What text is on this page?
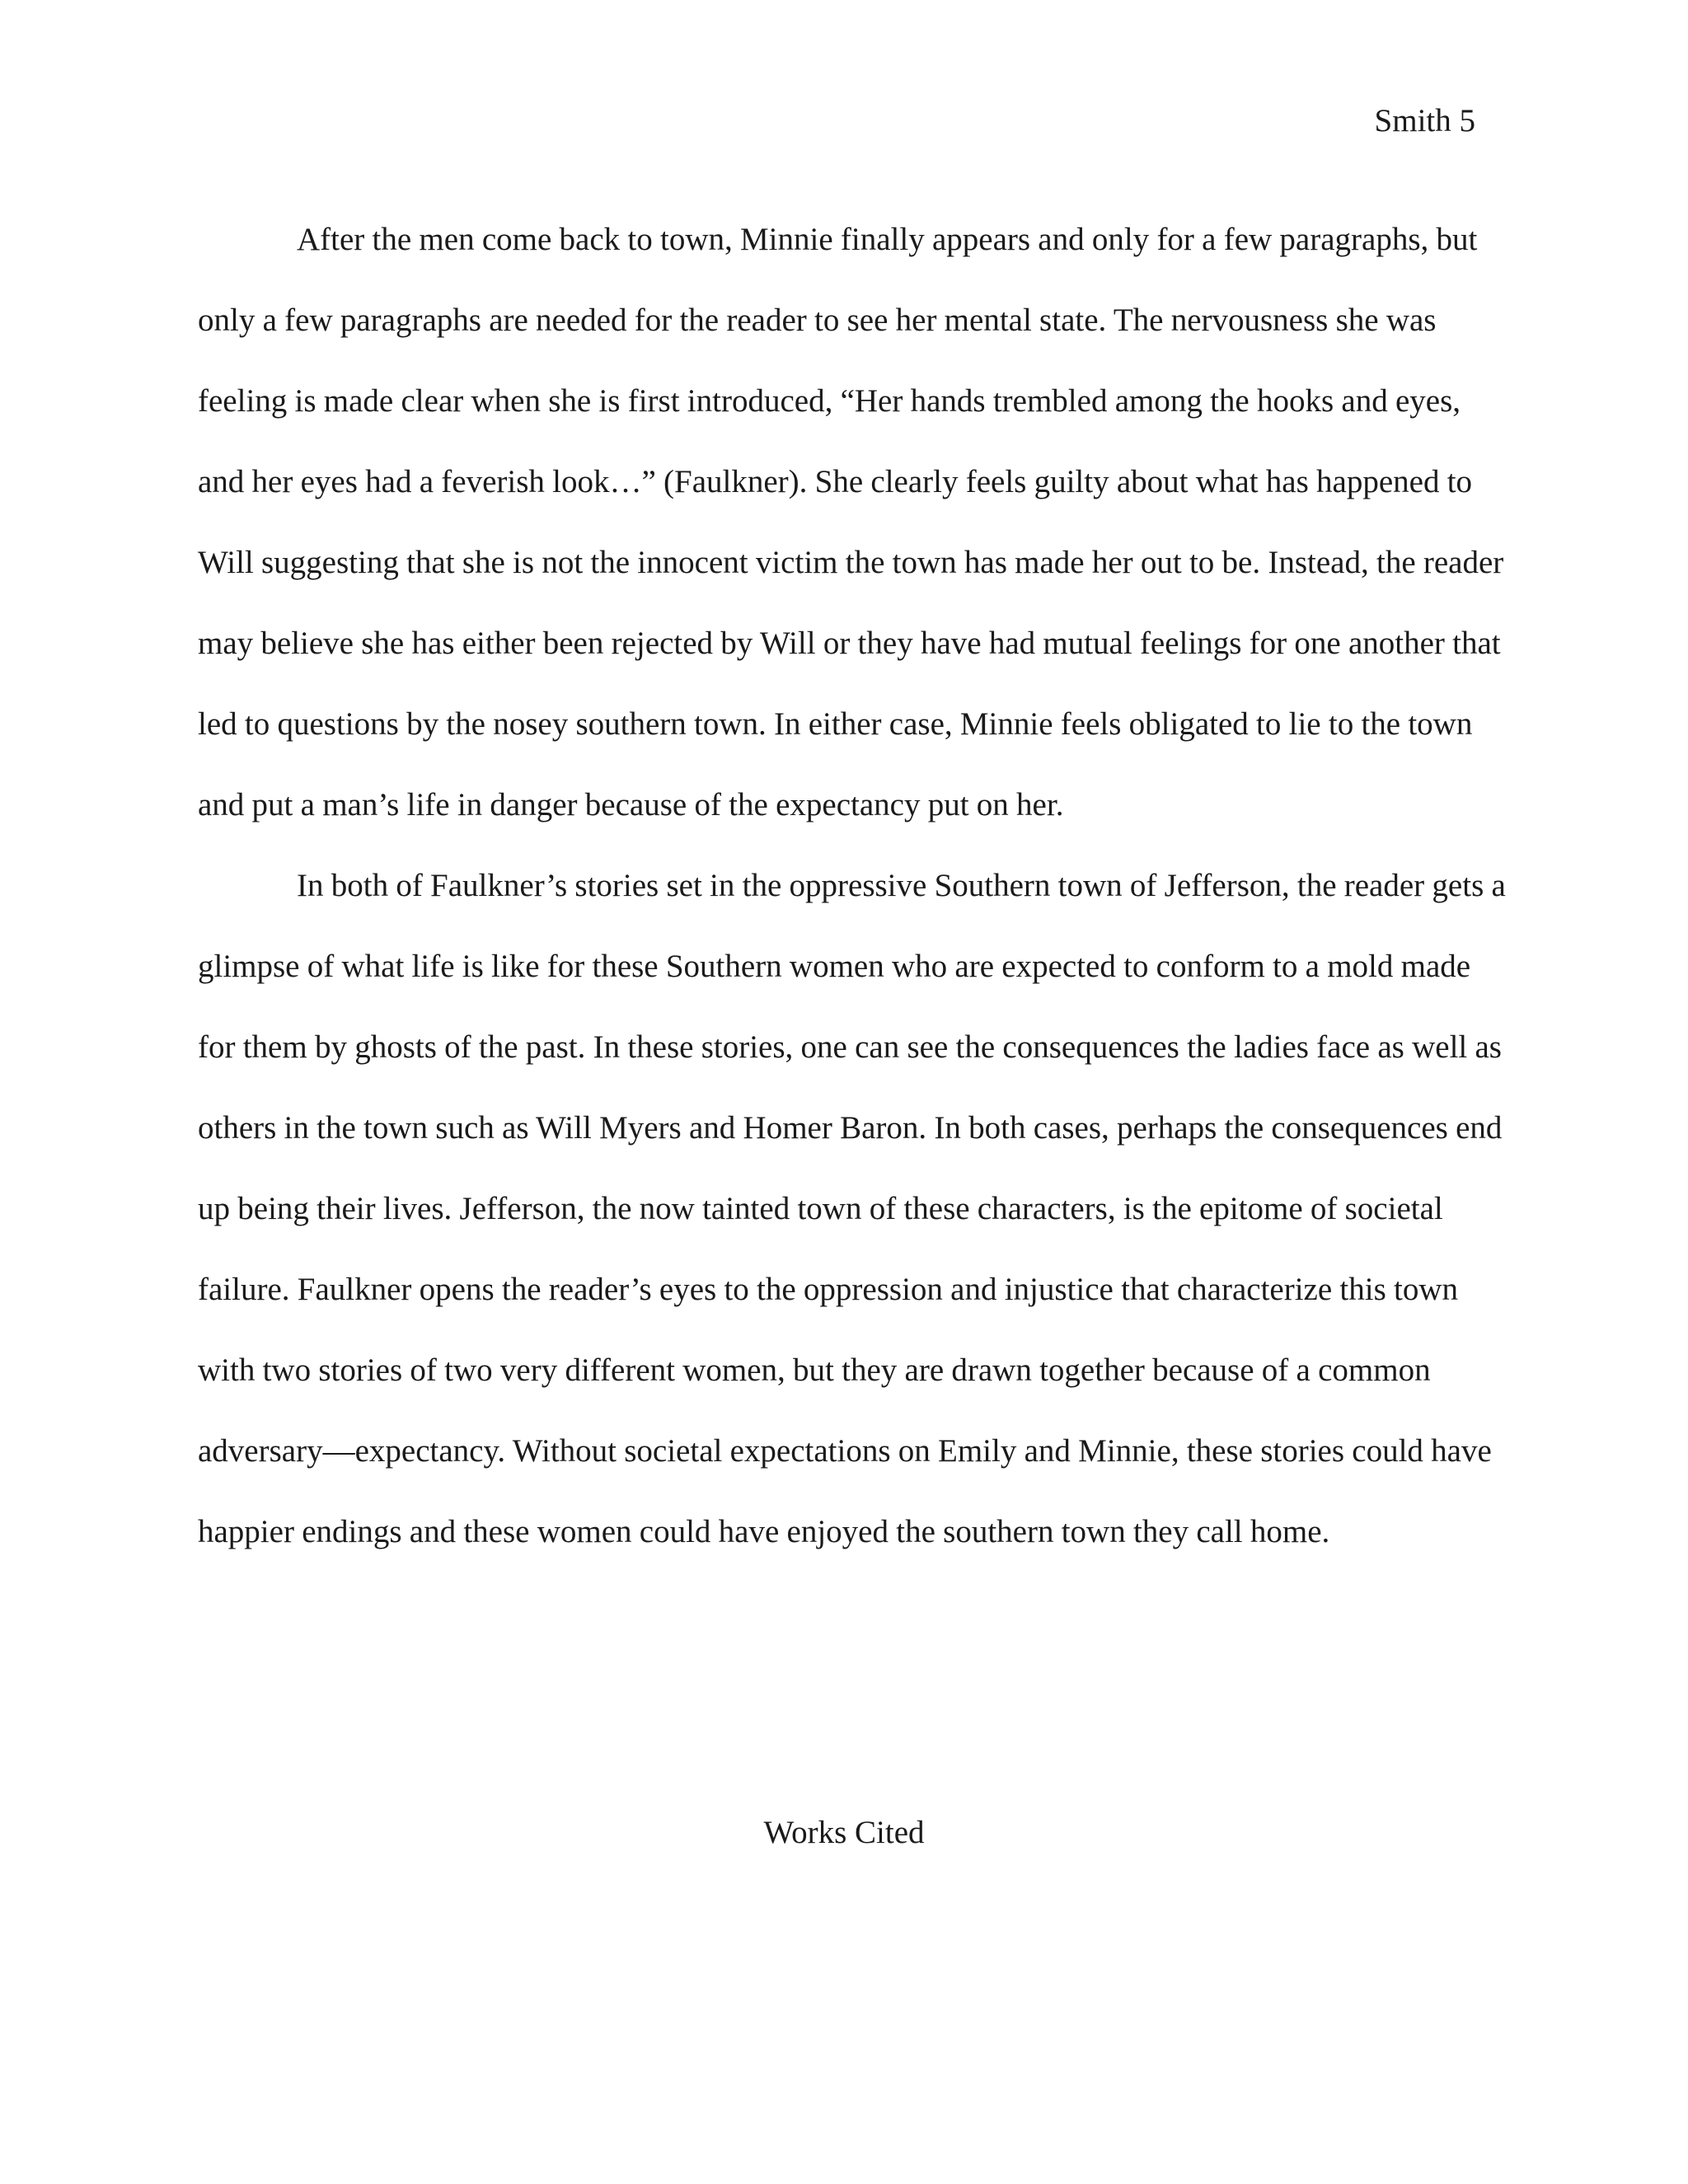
Smith 5

After the men come back to town, Minnie finally appears and only for a few paragraphs, but only a few paragraphs are needed for the reader to see her mental state. The nervousness she was feeling is made clear when she is first introduced, “Her hands trembled among the hooks and eyes, and her eyes had a feverish look…” (Faulkner). She clearly feels guilty about what has happened to Will suggesting that she is not the innocent victim the town has made her out to be. Instead, the reader may believe she has either been rejected by Will or they have had mutual feelings for one another that led to questions by the nosey southern town. In either case, Minnie feels obligated to lie to the town and put a man’s life in danger because of the expectancy put on her.

In both of Faulkner’s stories set in the oppressive Southern town of Jefferson, the reader gets a glimpse of what life is like for these Southern women who are expected to conform to a mold made for them by ghosts of the past. In these stories, one can see the consequences the ladies face as well as others in the town such as Will Myers and Homer Baron. In both cases, perhaps the consequences end up being their lives. Jefferson, the now tainted town of these characters, is the epitome of societal failure. Faulkner opens the reader’s eyes to the oppression and injustice that characterize this town with two stories of two very different women, but they are drawn together because of a common adversary—expectancy. Without societal expectations on Emily and Minnie, these stories could have happier endings and these women could have enjoyed the southern town they call home.

Works Cited
